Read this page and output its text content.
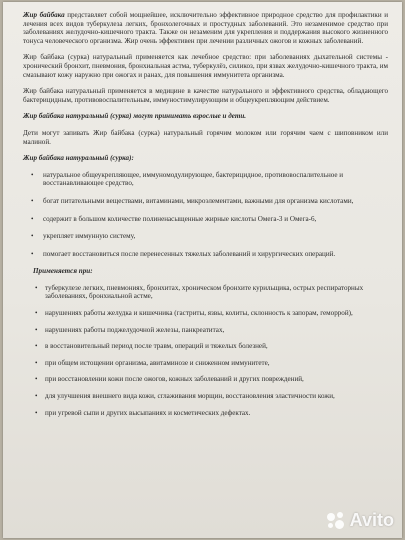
Жир байбака представляет собой мощнейшее, исключительно эффективное природное средство для профилактики и лечения всех видов туберкулеза легких, бронхолегочных и простудных заболеваний. Это незаменимое средство при заболеваниях желудочно-кишечного тракта. Также он незаменим для укрепления и поддержания высокого жизненного тонуса человеческого организма. Жир очень эффективен при лечении различных ожогов и кожных заболеваний.

Жир байбака (сурка) натуральный применяется как лечебное средство: при заболеваниях дыхательной системы - хронический бронхит, пневмония, бронхиальная астма, туберкулёз, силикоз, при язвах желудочно-кишечного тракта, им смазывают кожу наружно при ожогах и ранах, для повышения иммунитета организма.

Жир байбака натуральный применяется в медицине в качестве натурального и эффективного средства, обладающего бактерицидным, противовоспалительным, иммуностимулирующим и общеукрепляющим действием.

Жир байбака натуральный (сурка) могут принимать взрослые и дети.

Дети могут запивать Жир байбака (сурка) натуральный горячим молоком или горячим чаем с шиповником или малиной.

Жир байбака натуральный (сурка):

• натуральное общеукрепляющее, иммуномодулирующее, бактерицидное, противовоспалительное и восстанавливающее средство,
• богат питательными веществами, витаминами, микроэлементами, важными для организма кислотами,
• содержит в большом количестве полиненасыщенные жирные кислоты Омега-3 и Омега-6,
• укрепляет иммунную систему,
• помогает восстановиться после перенесенных тяжелых заболеваний и хирургических операций.

Применяется при:

• туберкулезе легких, пневмониях, бронхитах, хроническом бронхите курильщика, острых респираторных заболеваниях, бронхиальной астме,
• нарушениях работы желудка и кишечника (гастриты, язвы, колиты, склонность к запорам, геморрой),
• нарушениях работы поджелудочной железы, панкреатитах,
• в восстановительный период после травм, операций и тяжелых болезней,
• при общем истощении организма, авитаминозе и сниженном иммунитете,
• при восстановлении кожи после ожогов, кожных заболеваний и других повреждений,
• для улучшения внешнего вида кожи, сглаживания морщин, восстановления эластичности кожи,
• при угревой сыпи и других высыпаниях и косметических дефектах.
Avito
